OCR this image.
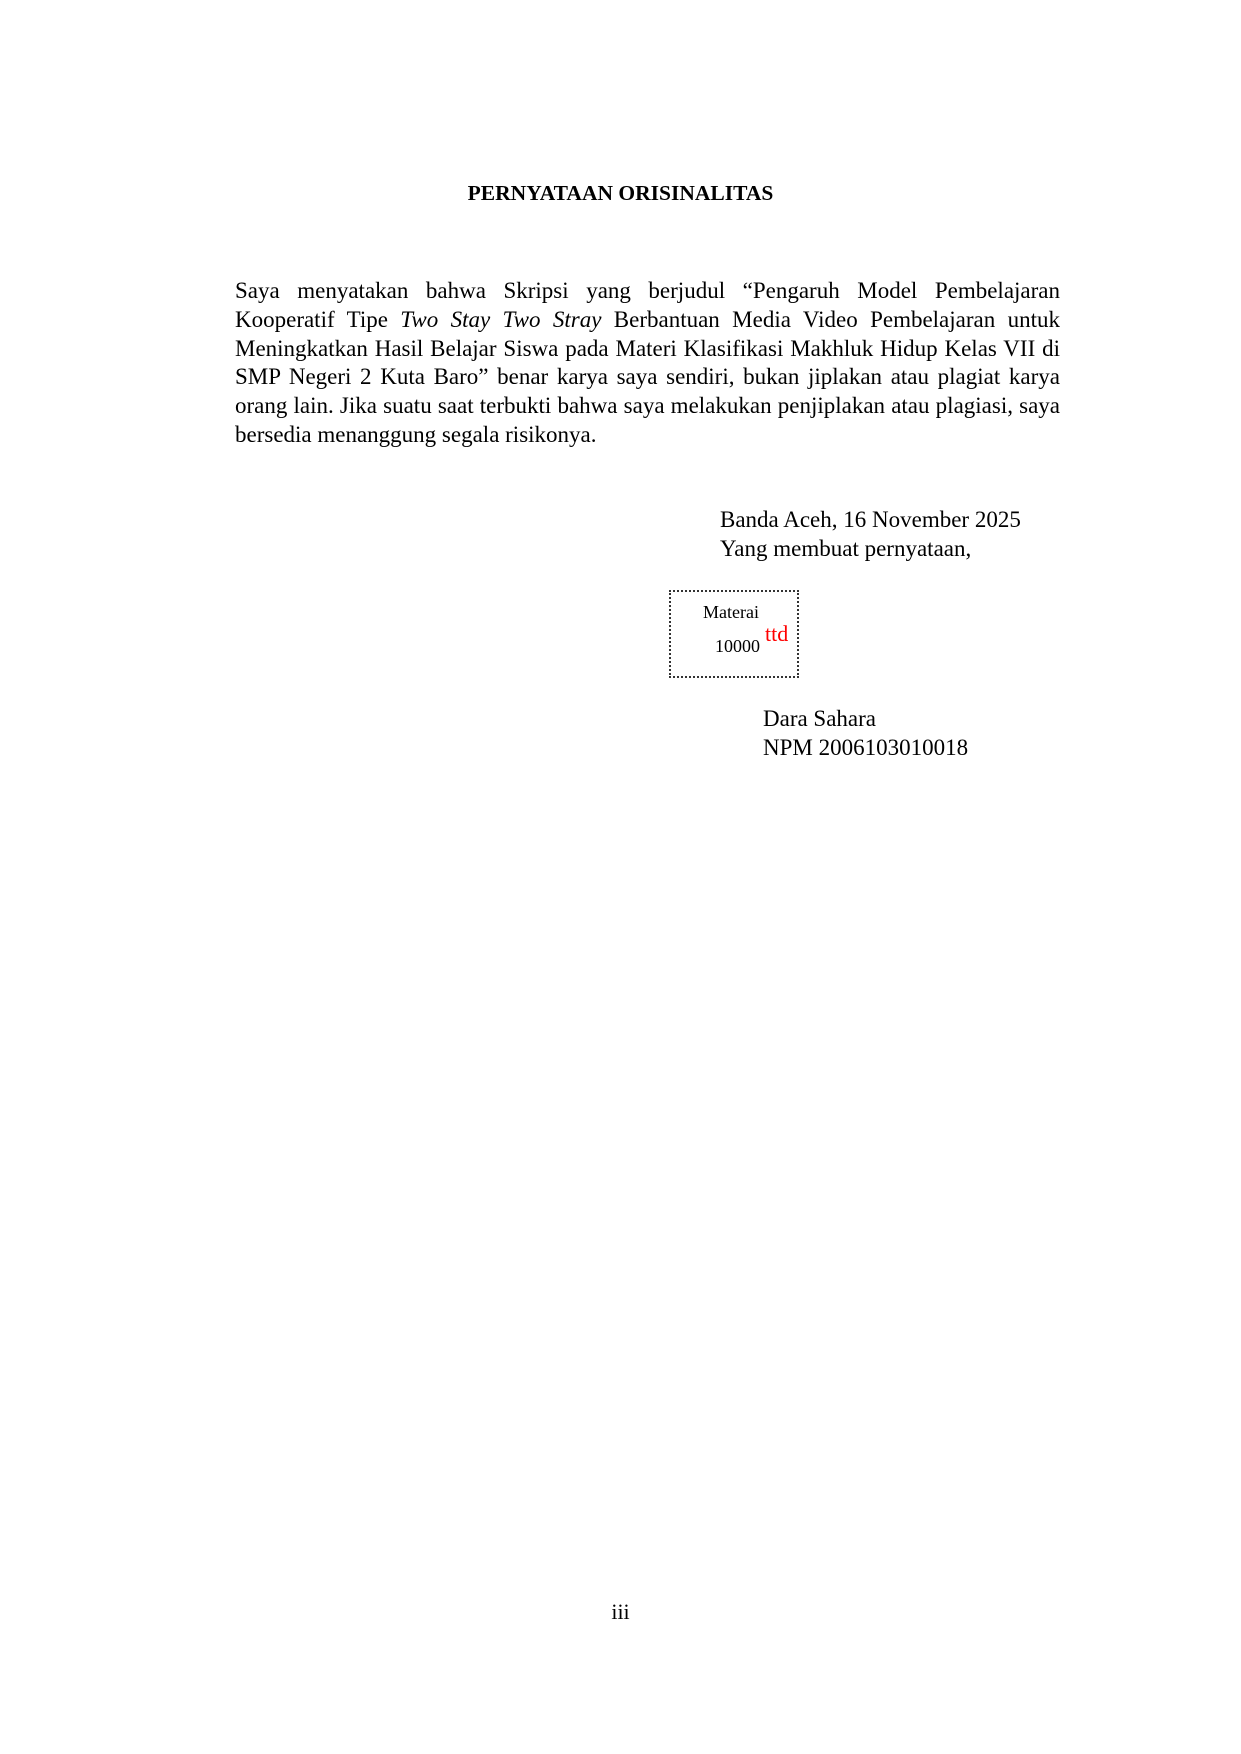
PERNYATAAN ORISINALITAS

Saya menyatakan bahwa Skripsi yang berjudul “Pengaruh Model Pembelajaran Kooperatif Tipe Two Stay Two Stray Berbantuan Media Video Pembelajaran untuk Meningkatkan Hasil Belajar Siswa pada Materi Klasifikasi Makhluk Hidup Kelas VII di SMP Negeri 2 Kuta Baro” benar karya saya sendiri, bukan jiplakan atau plagiat karya orang lain. Jika suatu saat terbukti bahwa saya melakukan penjiplakan atau plagiasi, saya bersedia menanggung segala risikonya.

Banda Aceh, 16 November 2025
Yang membuat pernyataan,
Materai
10000 ttd
Dara Sahara
NPM 2006103010018
iii
